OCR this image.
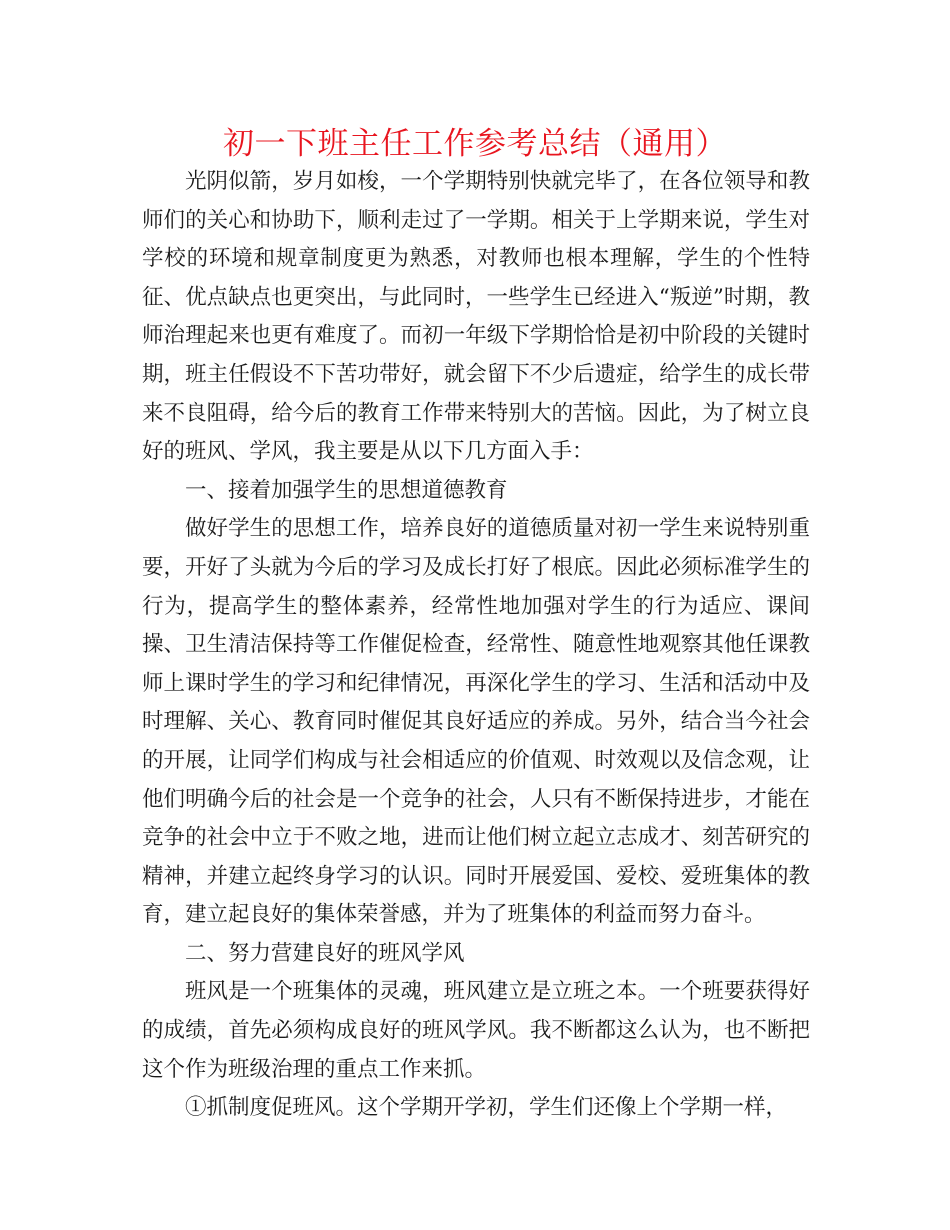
初一下班主任工作参考总结（通用）

光阴似箭，岁月如梭，一个学期特别快就完毕了，在各位领导和教师们的关心和协助下，顺利走过了一学期。相关于上学期来说，学生对学校的环境和规章制度更为熟悉，对教师也根本理解，学生的个性特征、优点缺点也更突出，与此同时，一些学生已经进入“叛逆”时期，教师治理起来也更有难度了。而初一年级下学期恰恰是初中阶段的关键时期，班主任假设不下苦功带好，就会留下不少后遗症，给学生的成长带来不良阻碍，给今后的教育工作带来特别大的苦恼。因此，为了树立良好的班风、学风，我主要是从以下几方面入手：

一、接着加强学生的思想道德教育

做好学生的思想工作，培养良好的道德质量对初一学生来说特别重要，开好了头就为今后的学习及成长打好了根底。因此必须标准学生的行为，提高学生的整体素养，经常性地加强对学生的行为适应、课间操、卫生清洁保持等工作催促检查，经常性、随意性地观察其他任课教师上课时学生的学习和纪律情况，再深化学生的学习、生活和活动中及时理解、关心、教育同时催促其良好适应的养成。另外，结合当今社会的开展，让同学们构成与社会相适应的价值观、时效观以及信念观，让他们明确今后的社会是一个竞争的社会，人只有不断保持进步，才能在竞争的社会中立于不败之地，进而让他们树立起立志成才、刻苦研究的精神，并建立起终身学习的认识。同时开展爱国、爱校、爱班集体的教育，建立起良好的集体荣誉感，并为了班集体的利益而努力奋斗。

二、努力营建良好的班风学风

班风是一个班集体的灵魂，班风建立是立班之本。一个班要获得好的成绩，首先必须构成良好的班风学风。我不断都这么认为，也不断把这个作为班级治理的重点工作来抓。

①抓制度促班风。这个学期开学初，学生们还像上个学期一样，
